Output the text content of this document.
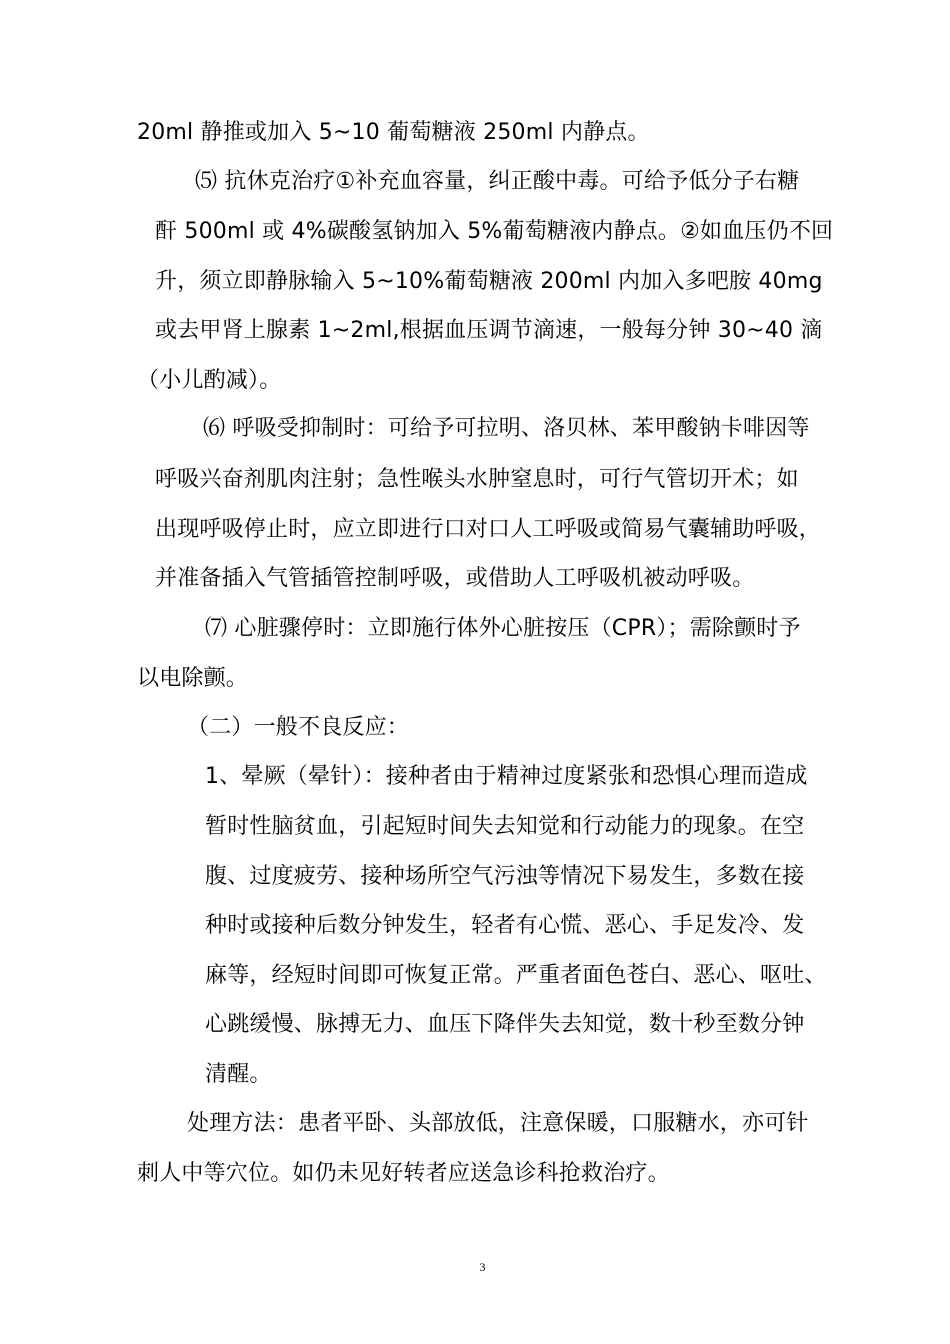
20ml 静推或加入 5~10 葡萄糖液 250ml 内静点。
⑸ 抗休克治疗①补充血容量，纠正酸中毒。可给予低分子右糖
酐 500ml 或 4%碳酸氢钠加入 5%葡萄糖液内静点。②如血压仍不回
升，须立即静脉输入 5~10%葡萄糖液 200ml 内加入多吧胺 40mg
或去甲肾上腺素 1~2ml,根据血压调节滴速，一般每分钟 30~40 滴
（小儿酌减）。
⑹ 呼吸受抑制时：可给予可拉明、洛贝林、苯甲酸钠卡啡因等
呼吸兴奋剂肌肉注射；急性喉头水肿窒息时，可行气管切开术；如
出现呼吸停止时，应立即进行口对口人工呼吸或简易气囊辅助呼吸，
并准备插入气管插管控制呼吸，或借助人工呼吸机被动呼吸。
⑺ 心脏骤停时：立即施行体外心脏按压（CPR）；需除颤时予
以电除颤。
（二）一般不良反应：
1、晕厥（晕针）：接种者由于精神过度紧张和恐惧心理而造成
暂时性脑贫血，引起短时间失去知觉和行动能力的现象。在空
腹、过度疲劳、接种场所空气污浊等情况下易发生，多数在接
种时或接种后数分钟发生，轻者有心慌、恶心、手足发冷、发
麻等，经短时间即可恢复正常。严重者面色苍白、恶心、呕吐、
心跳缓慢、脉搏无力、血压下降伴失去知觉，数十秒至数分钟
清醒。
处理方法：患者平卧、头部放低，注意保暖，口服糖水，亦可针
刺人中等穴位。如仍未见好转者应送急诊科抢救治疗。
3
